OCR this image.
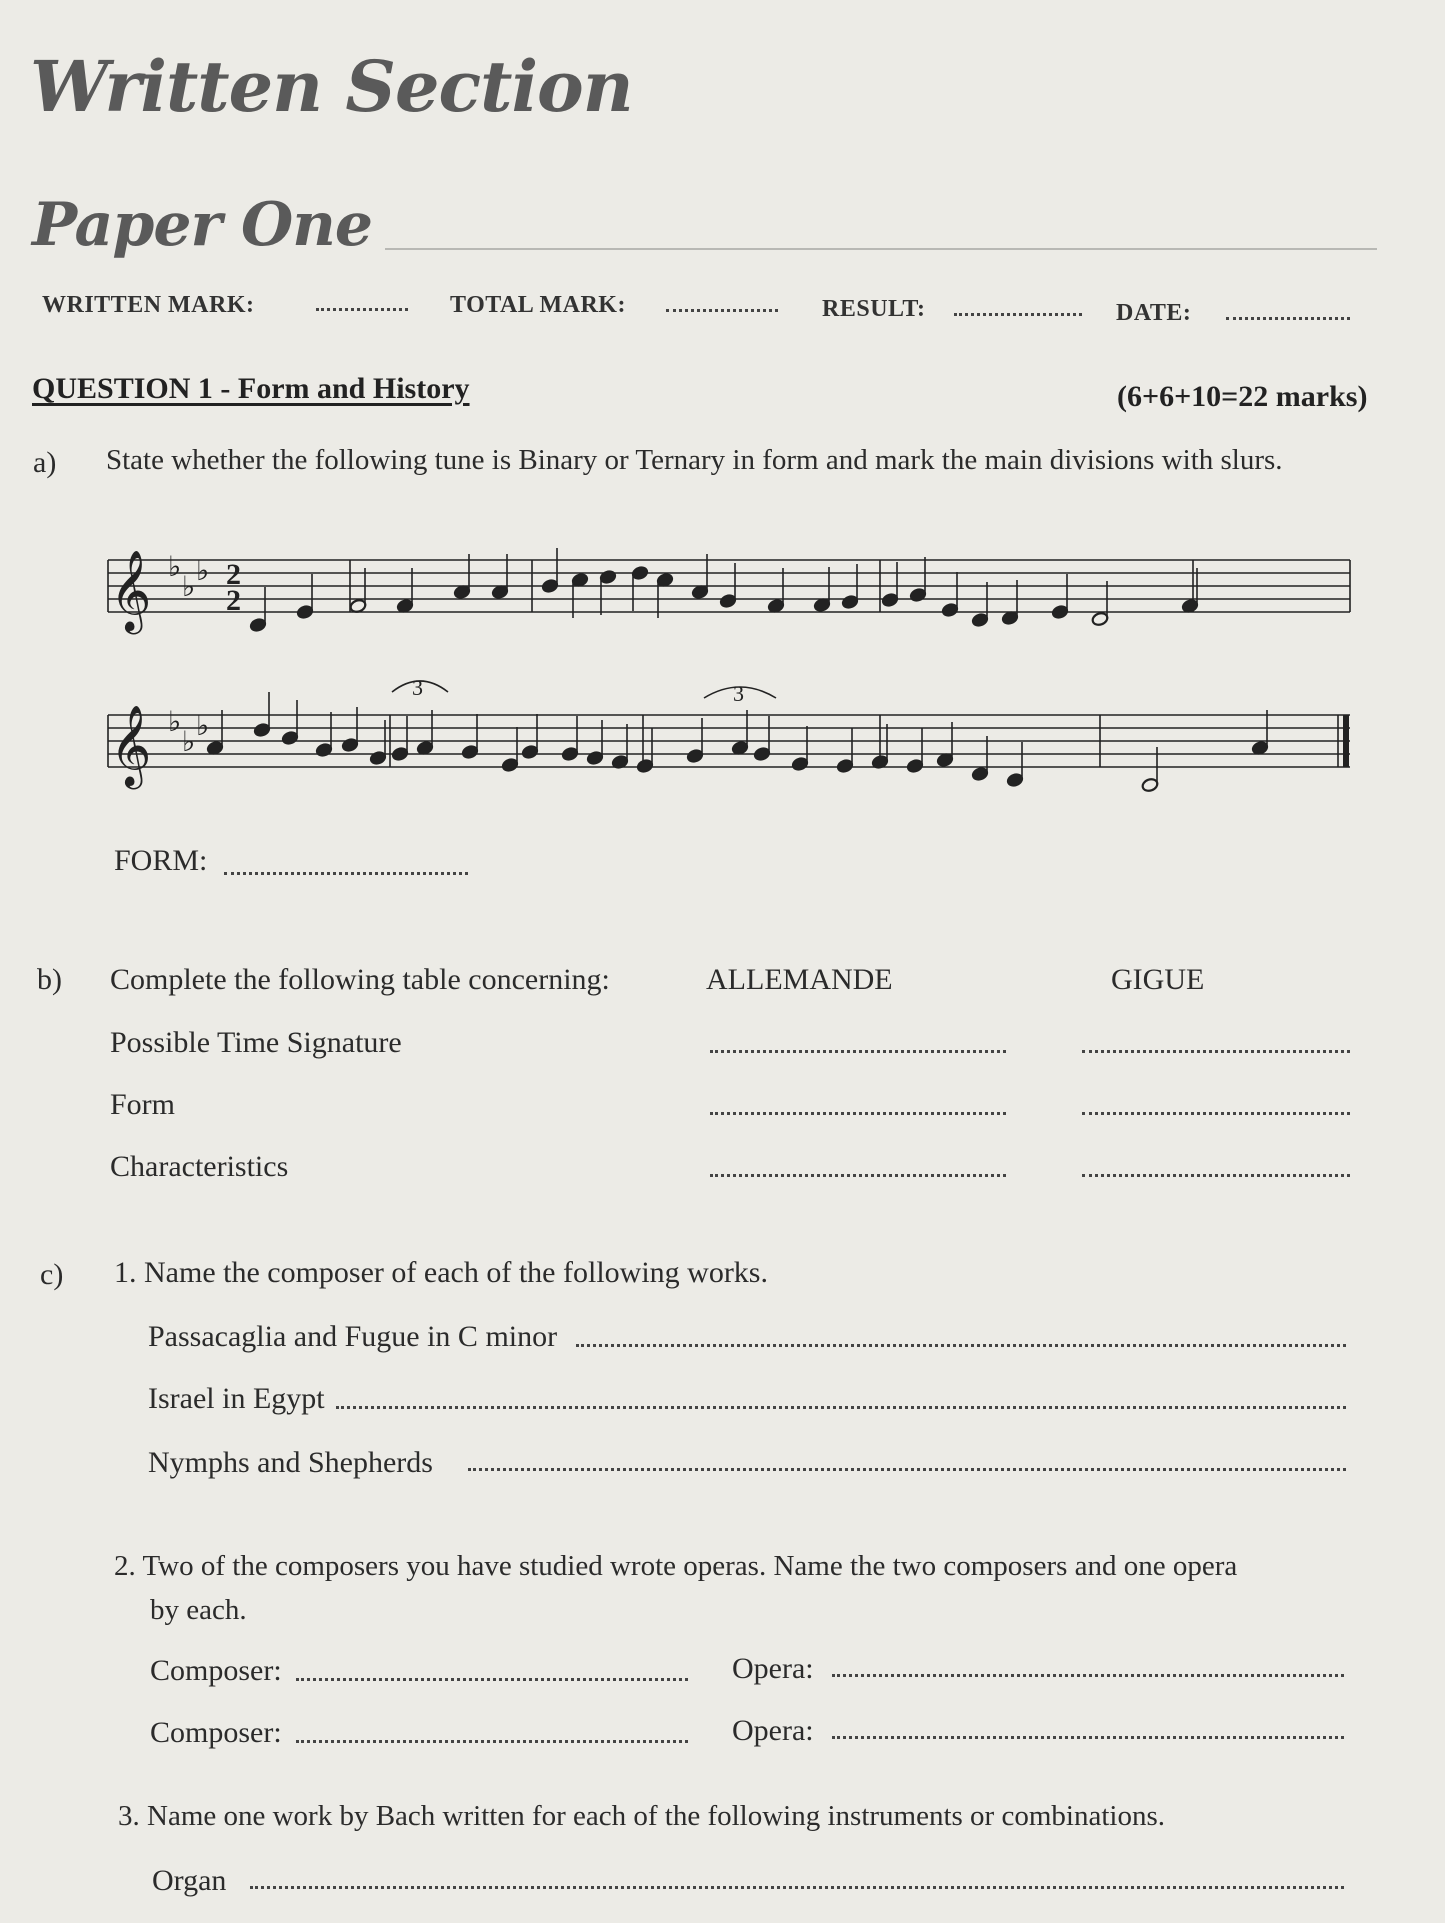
Written Section
Paper One
WRITTEN MARK:	TOTAL MARK:	RESULT:	DATE:
QUESTION 1 - Form and History	(6+6+10=22 marks)
a) State whether the following tune is Binary or Ternary in form and mark the main divisions with slurs.
𝄞
𝄞
♭
♭ ♭
♭
♭ ♭
2
2
3	3
FORM:
b) Complete the following table concerning:	ALLEMANDE	GIGUE
Possible Time Signature
Form
Characteristics
c) 1. Name the composer of each of the following works.
Passacaglia and Fugue in C minor
Israel in Egypt
Nymphs and Shepherds
2. Two of the composers you have studied wrote operas. Name the two composers and one opera
by each.
Composer:	Opera:
Composer:	Opera:
3. Name one work by Bach written for each of the following instruments or combinations.
Organ
